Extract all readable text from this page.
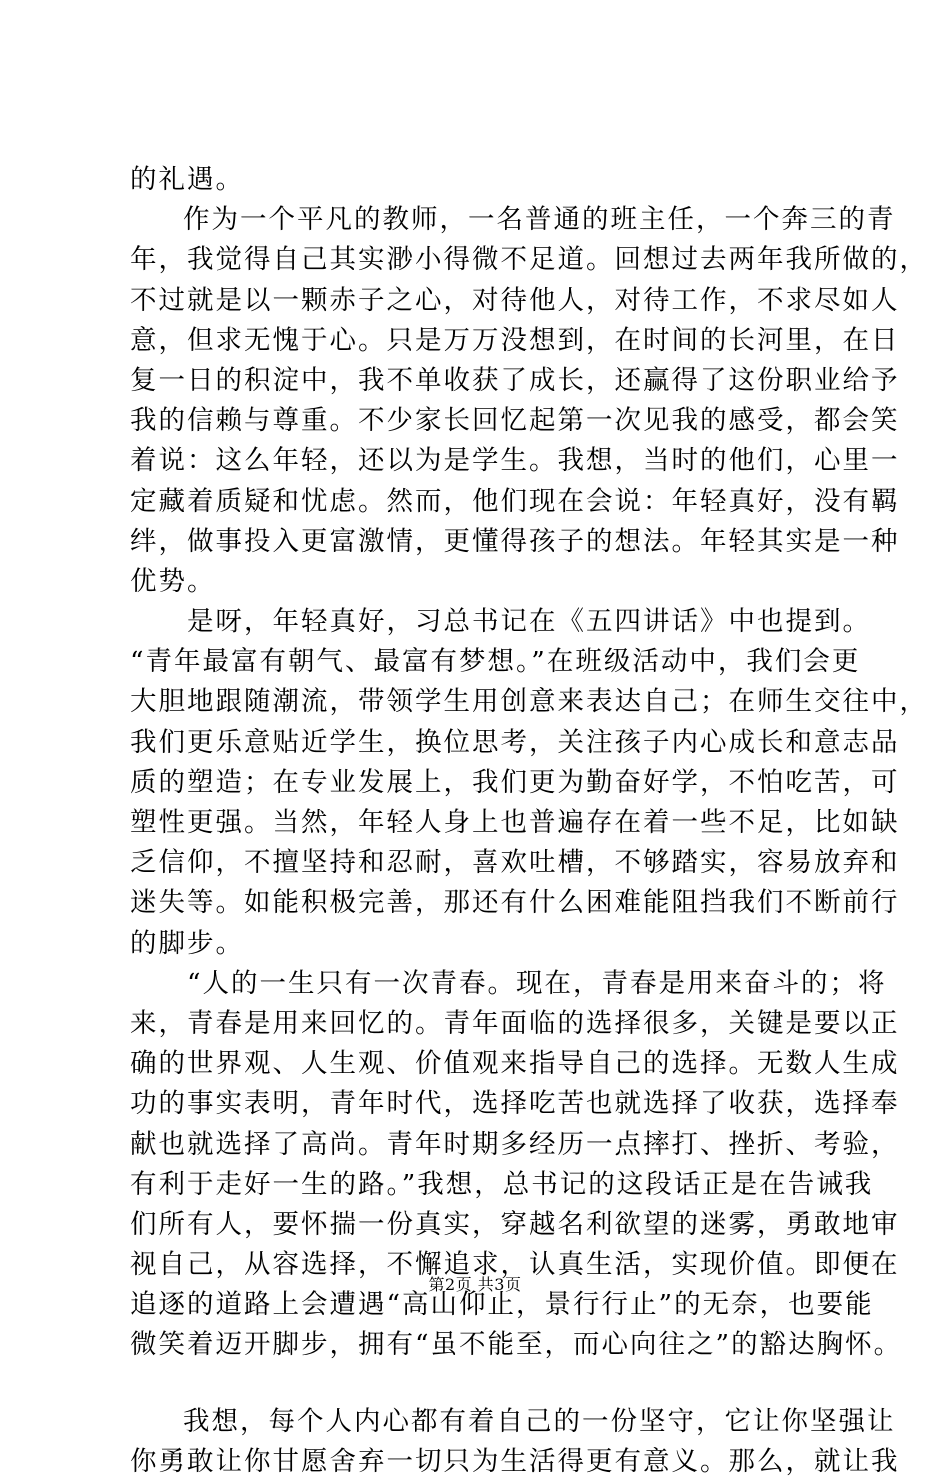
的礼遇。
作为一个平凡的教师，一名普通的班主任，一个奔三的青
年，我觉得自己其实渺小得微不足道。回想过去两年我所做的，
不过就是以一颗赤子之心，对待他人，对待工作，不求尽如人
意，但求无愧于心。只是万万没想到，在时间的长河里，在日
复一日的积淀中，我不单收获了成长，还赢得了这份职业给予
我的信赖与尊重。不少家长回忆起第一次见我的感受，都会笑
着说：这么年轻，还以为是学生。我想，当时的他们，心里一
定藏着质疑和忧虑。然而，他们现在会说：年轻真好，没有羁
绊，做事投入更富激情，更懂得孩子的想法。年轻其实是一种
优势。
是呀，年轻真好，习总书记在《五四讲话》中也提到。
“青年最富有朝气、最富有梦想。”在班级活动中，我们会更
大胆地跟随潮流，带领学生用创意来表达自己；在师生交往中，
我们更乐意贴近学生，换位思考，关注孩子内心成长和意志品
质的塑造；在专业发展上，我们更为勤奋好学，不怕吃苦，可
塑性更强。当然，年轻人身上也普遍存在着一些不足，比如缺
乏信仰，不擅坚持和忍耐，喜欢吐槽，不够踏实，容易放弃和
迷失等。如能积极完善，那还有什么困难能阻挡我们不断前行
的脚步。
“人的一生只有一次青春。现在，青春是用来奋斗的；将
来，青春是用来回忆的。青年面临的选择很多，关键是要以正
确的世界观、人生观、价值观来指导自己的选择。无数人生成
功的事实表明，青年时代，选择吃苦也就选择了收获，选择奉
献也就选择了高尚。青年时期多经历一点摔打、挫折、考验，
有利于走好一生的路。”我想，总书记的这段话正是在告诫我
们所有人，要怀揣一份真实，穿越名利欲望的迷雾，勇敢地审
视自己，从容选择，不懈追求，认真生活，实现价值。即便在
追逐的道路上会遭遇“高山仰止，景行行止”的无奈，也要能
微笑着迈开脚步，拥有“虽不能至，而心向往之”的豁达胸怀。
我想，每个人内心都有着自己的一份坚守，它让你坚强让
你勇敢让你甘愿舍弃一切只为生活得更有意义。那么，就让我
第2页 共3页
